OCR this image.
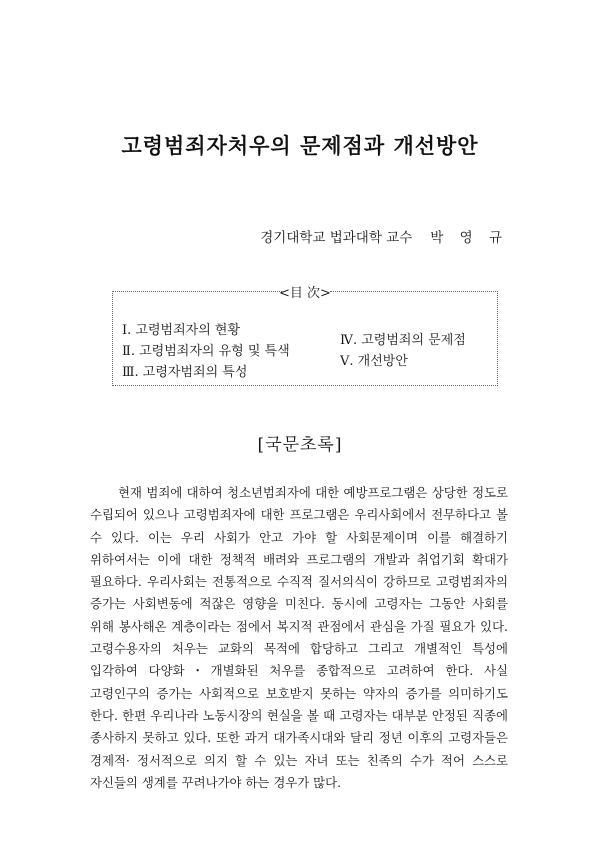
고령범죄자처우의 문제점과 개선방안
경기대학교 법과대학 교수 박 영 규
<目 次>
Ⅰ. 고령범죄자의 현황
Ⅱ. 고령범죄자의 유형 및 특색
Ⅲ. 고령자범죄의 특성
Ⅳ. 고령범죄의 문제점
Ⅴ. 개선방안
[국문초록]

현재 범죄에 대하여 청소년범죄자에 대한 예방프로그램은 상당한 정도로 수립되어 있으나 고령범죄자에 대한 프로그램은 우리사회에서 전무하다고 볼 수 있다. 이는 우리 사회가 안고 가야 할 사회문제이며 이를 해결하기 위하여서는 이에 대한 정책적 배려와 프로그램의 개발과 취업기회 확대가 필요하다. 우리사회는 전통적으로 수직적 질서의식이 강하므로 고령범죄자의 증가는 사회변동에 적잖은 영향을 미친다. 동시에 고령자는 그동안 사회를 위해 봉사해온 계층이라는 점에서 복지적 관점에서 관심을 가질 필요가 있다. 고령수용자의 처우는 교화의 목적에 합당하고 그리고 개별적인 특성에 입각하여 다양화・개별화된 처우를 종합적으로 고려하여 한다. 사실 고령인구의 증가는 사회적으로 보호받지 못하는 약자의 증가를 의미하기도 한다. 한편 우리나라 노동시장의 현실을 볼 때 고령자는 대부분 안정된 직종에 종사하지 못하고 있다. 또한 과거 대가족시대와 달리 정년 이후의 고령자들은 경제적· 정서적으로 의지 할 수 있는 자녀 또는 친족의 수가 적어 스스로 자신들의 생계를 꾸려나가야 하는 경우가 많다.
